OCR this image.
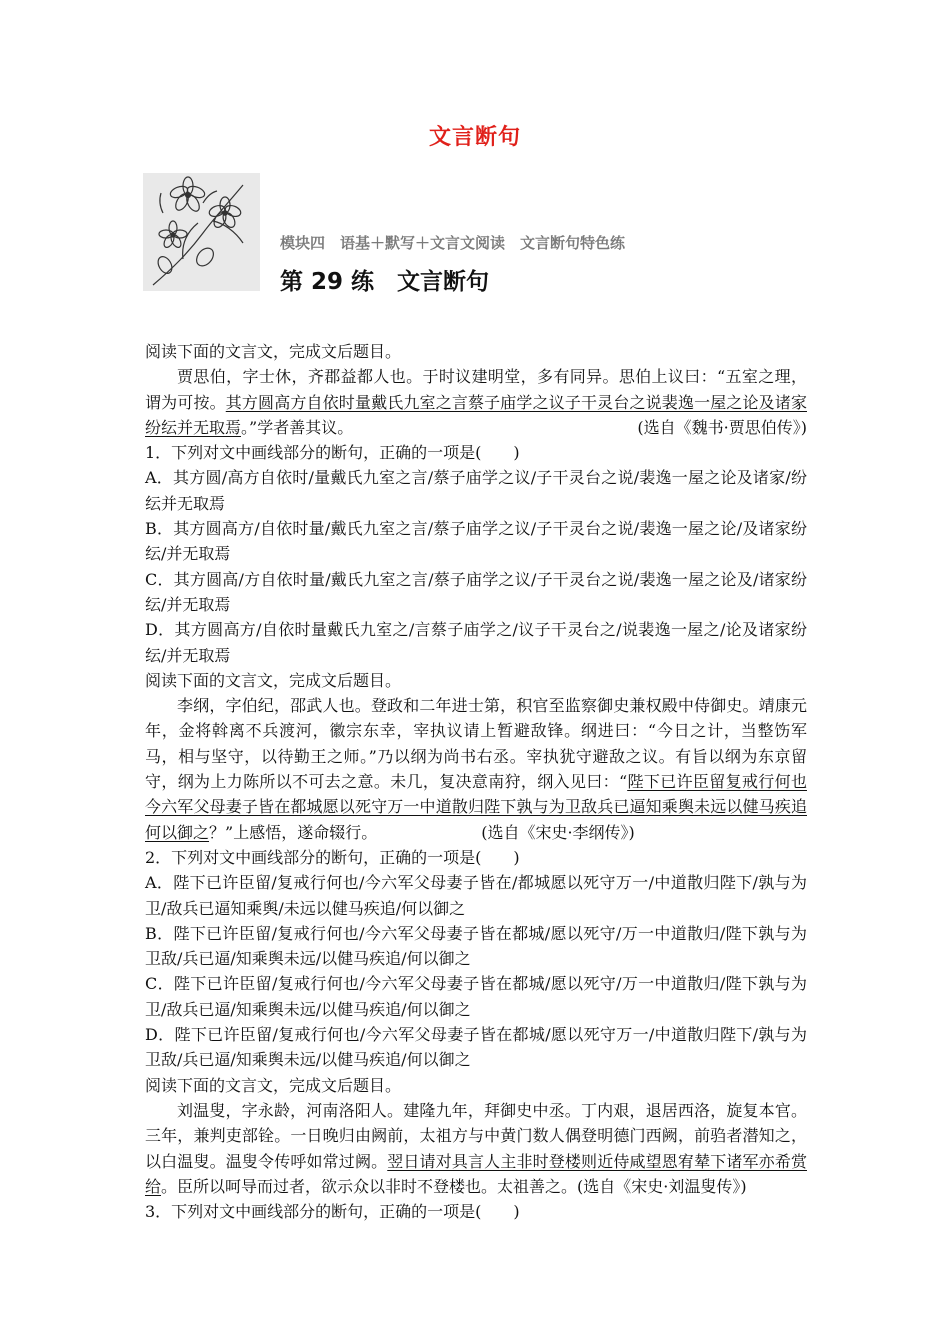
文言断句
模块四　语基＋默写＋文言文阅读　文言断句特色练
第 29 练　文言断句

阅读下面的文言文，完成文后题目。

贾思伯，字士休，齐郡益都人也。于时议建明堂，多有同异。思伯上议曰：“五室之理，谓为可按。其方圆高方自依时量戴氏九室之言蔡子庙学之议子干灵台之说裴逸一屋之论及诸家纷纭并无取焉。”学者善其议。	(选自《魏书·贾思伯传》)

1．下列对文中画线部分的断句，正确的一项是(　　)

A．其方圆/高方自依时/量戴氏九室之言/蔡子庙学之议/子干灵台之说/裴逸一屋之论及诸家/纷纭并无取焉

B．其方圆高方/自依时量/戴氏九室之言/蔡子庙学之议/子干灵台之说/裴逸一屋之论/及诸家纷纭/并无取焉

C．其方圆高/方自依时量/戴氏九室之言/蔡子庙学之议/子干灵台之说/裴逸一屋之论及/诸家纷纭/并无取焉

D．其方圆高方/自依时量戴氏九室之/言蔡子庙学之/议子干灵台之/说裴逸一屋之/论及诸家纷纭/并无取焉

阅读下面的文言文，完成文后题目。

李纲，字伯纪，邵武人也。登政和二年进士第，积官至监察御史兼权殿中侍御史。靖康元年，金将斡离不兵渡河，徽宗东幸，宰执议请上暂避敌锋。纲进曰：“今日之计，当整饬军马，相与坚守，以待勤王之师。”乃以纲为尚书右丞。宰执犹守避敌之议。有旨以纲为东京留守，纲为上力陈所以不可去之意。未几，复决意南狩，纲入见曰：“陛下已许臣留复戒行何也今六军父母妻子皆在都城愿以死守万一中道散归陛下孰与为卫敌兵已逼知乘舆未远以健马疾追何以御之？”上感悟，遂命辍行。　　　　　　　	(选自《宋史·李纲传》)

2．下列对文中画线部分的断句，正确的一项是(　　)

A．陛下已许臣留/复戒行何也/今六军父母妻子皆在/都城愿以死守万一/中道散归陛下/孰与为卫/敌兵已逼知乘舆/未远以健马疾追/何以御之

B．陛下已许臣留/复戒行何也/今六军父母妻子皆在都城/愿以死守/万一中道散归/陛下孰与为卫敌/兵已逼/知乘舆未远/以健马疾追/何以御之

C．陛下已许臣留/复戒行何也/今六军父母妻子皆在都城/愿以死守/万一中道散归/陛下孰与为卫/敌兵已逼/知乘舆未远/以健马疾追/何以御之

D．陛下已许臣留/复戒行何也/今六军父母妻子皆在都城/愿以死守万一/中道散归陛下/孰与为卫敌/兵已逼/知乘舆未远/以健马疾追/何以御之

阅读下面的文言文，完成文后题目。

刘温叟，字永龄，河南洛阳人。建隆九年，拜御史中丞。丁内艰，退居西洛，旋复本官。三年，兼判吏部铨。一日晚归由阙前，太祖方与中黄门数人偶登明德门西阙，前驺者潜知之，以白温叟。温叟令传呼如常过阙。翌日请对具言人主非时登楼则近侍咸望恩宥辇下诸军亦希赏给。臣所以呵导而过者，欲示众以非时不登楼也。太祖善之。(选自《宋史·刘温叟传》)

3．下列对文中画线部分的断句，正确的一项是(　　)
